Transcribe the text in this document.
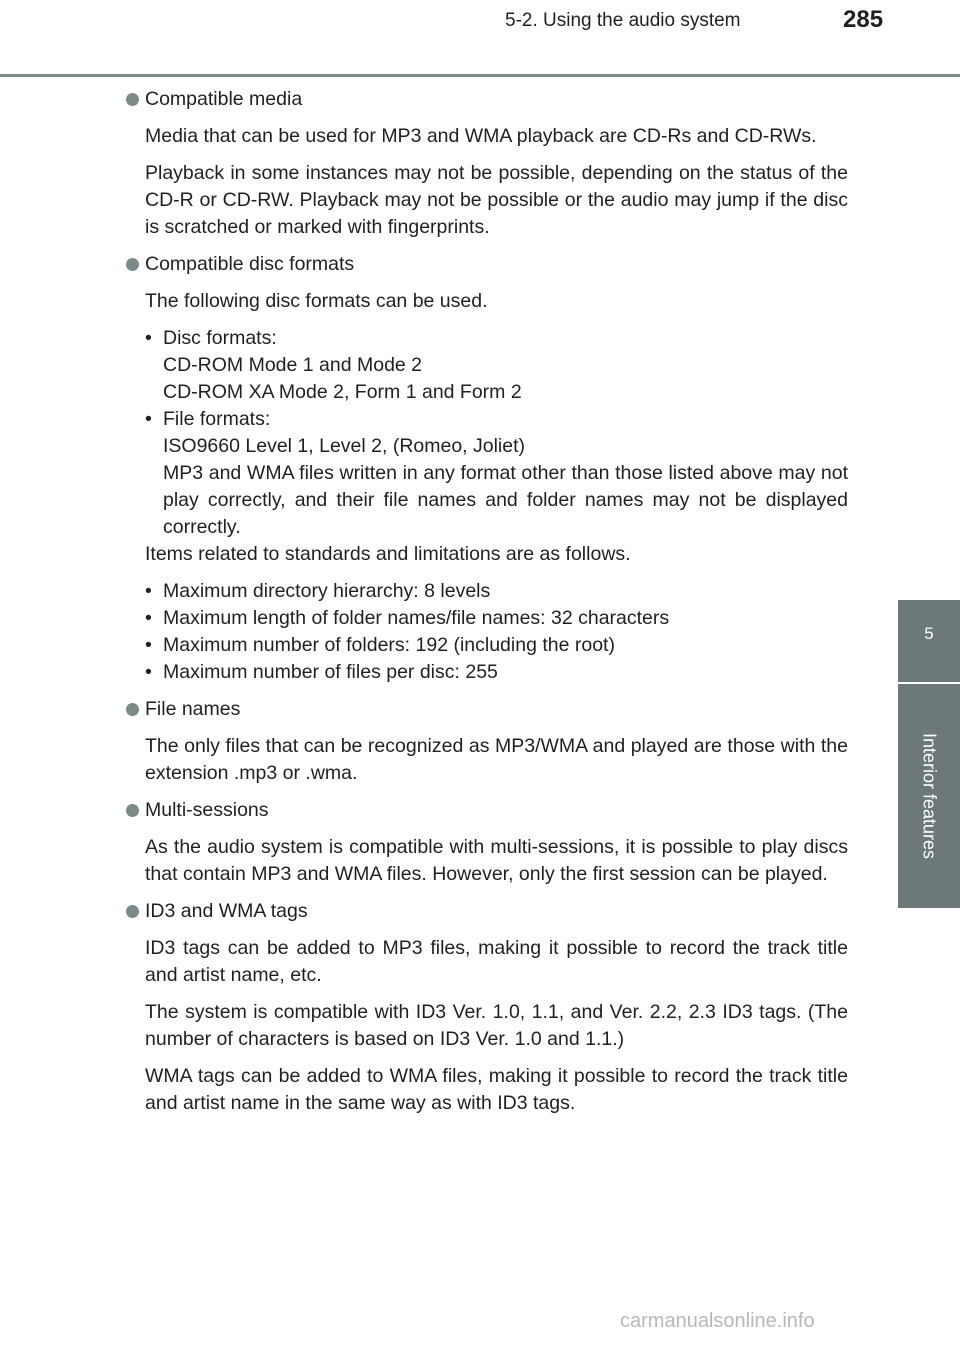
5-2. Using the audio system	285
5
Interior features

Compatible media

Media that can be used for MP3 and WMA playback are CD-Rs and CD-RWs.

Playback in some instances may not be possible, depending on the status of the CD-R or CD-RW. Playback may not be possible or the audio may jump if the disc is scratched or marked with fingerprints.

Compatible disc formats

The following disc formats can be used.

• Disc formats:

CD-ROM Mode 1 and Mode 2

CD-ROM XA Mode 2, Form 1 and Form 2

• File formats:

ISO9660 Level 1, Level 2, (Romeo, Joliet)

MP3 and WMA files written in any format other than those listed above may not play correctly, and their file names and folder names may not be displayed correctly.

Items related to standards and limitations are as follows.

• Maximum directory hierarchy: 8 levels
• Maximum length of folder names/file names: 32 characters
• Maximum number of folders: 192 (including the root)
• Maximum number of files per disc: 255

File names

The only files that can be recognized as MP3/WMA and played are those with the extension .mp3 or .wma.

Multi-sessions

As the audio system is compatible with multi-sessions, it is possible to play discs that contain MP3 and WMA files. However, only the first session can be played.

ID3 and WMA tags

ID3 tags can be added to MP3 files, making it possible to record the track title and artist name, etc.

The system is compatible with ID3 Ver. 1.0, 1.1, and Ver. 2.2, 2.3 ID3 tags. (The number of characters is based on ID3 Ver. 1.0 and 1.1.)

WMA tags can be added to WMA files, making it possible to record the track title and artist name in the same way as with ID3 tags.

carmanualsonline.info
